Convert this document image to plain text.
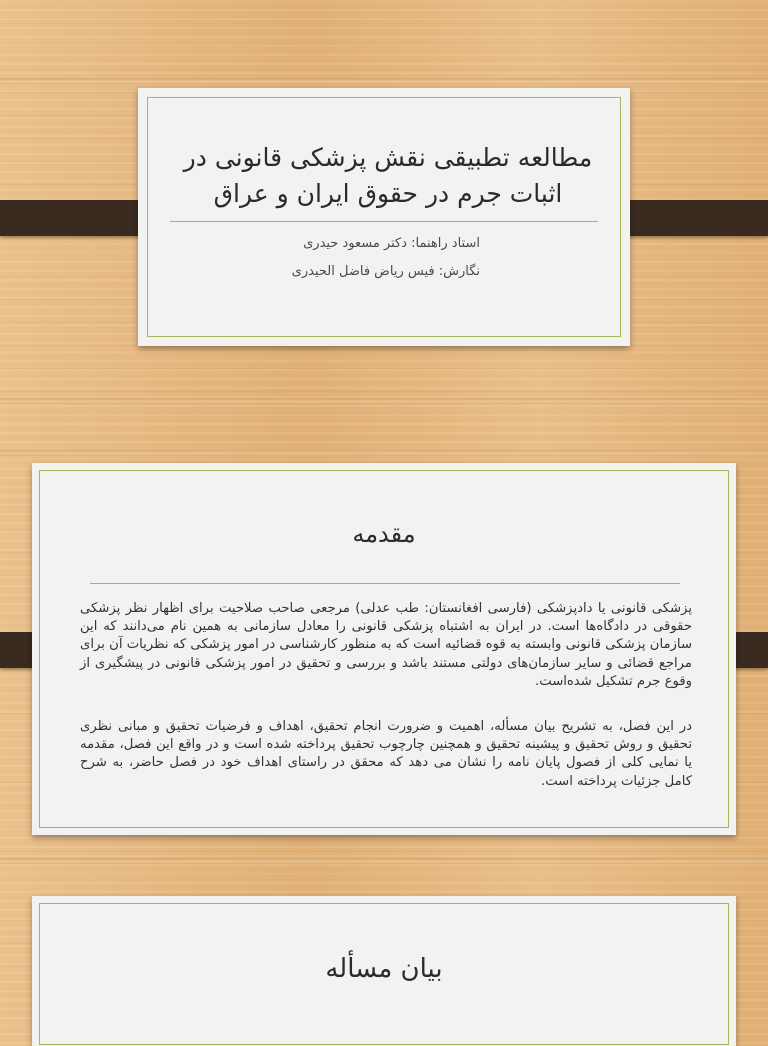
مطالعه تطبیقی نقش پزشکی قانونی در
اثبات جرم در حقوق ایران و عراق
استاد راهنما: دکتر مسعود حیدری
نگارش: فیس ریاض فاضل الحیدری
مقدمه

پزشکی قانونی یا دادپزشکی (فارسی افغانستان: طب عدلی) مرجعی صاحب صلاحیت برای اظهار نظر پزشکی حقوقی در دادگاه‌ها است. در ایران به اشتباه پزشکی قانونی را معادل سازمانی به همین نام می‌دانند که این سازمان پزشکی قانونی وابسته به قوه قضائیه است که به منظور کارشناسی در امور پزشکی که نظریات آن برای مراجع قضائی و سایر سازمان‌های دولتی مستند باشد و بررسی و تحقیق در امور پزشکی قانونی در پیشگیری از وقوع جرم تشکیل شده‌است.

در این فصل، به تشریح بیان مسأله، اهمیت و ضرورت انجام تحقیق، اهداف و فرضیات تحقیق و مبانی نظری تحقیق و روش تحقیق و پیشینه تحقیق و همچنین چارچوب تحقیق پرداخته شده است و در واقع این فصل، مقدمه یا نمایی کلی از فصول پایان نامه را نشان می دهد که محقق در راستای اهداف خود در فصل حاضر، به شرح کامل جزئیات پرداخته است.

بیان مسأله
